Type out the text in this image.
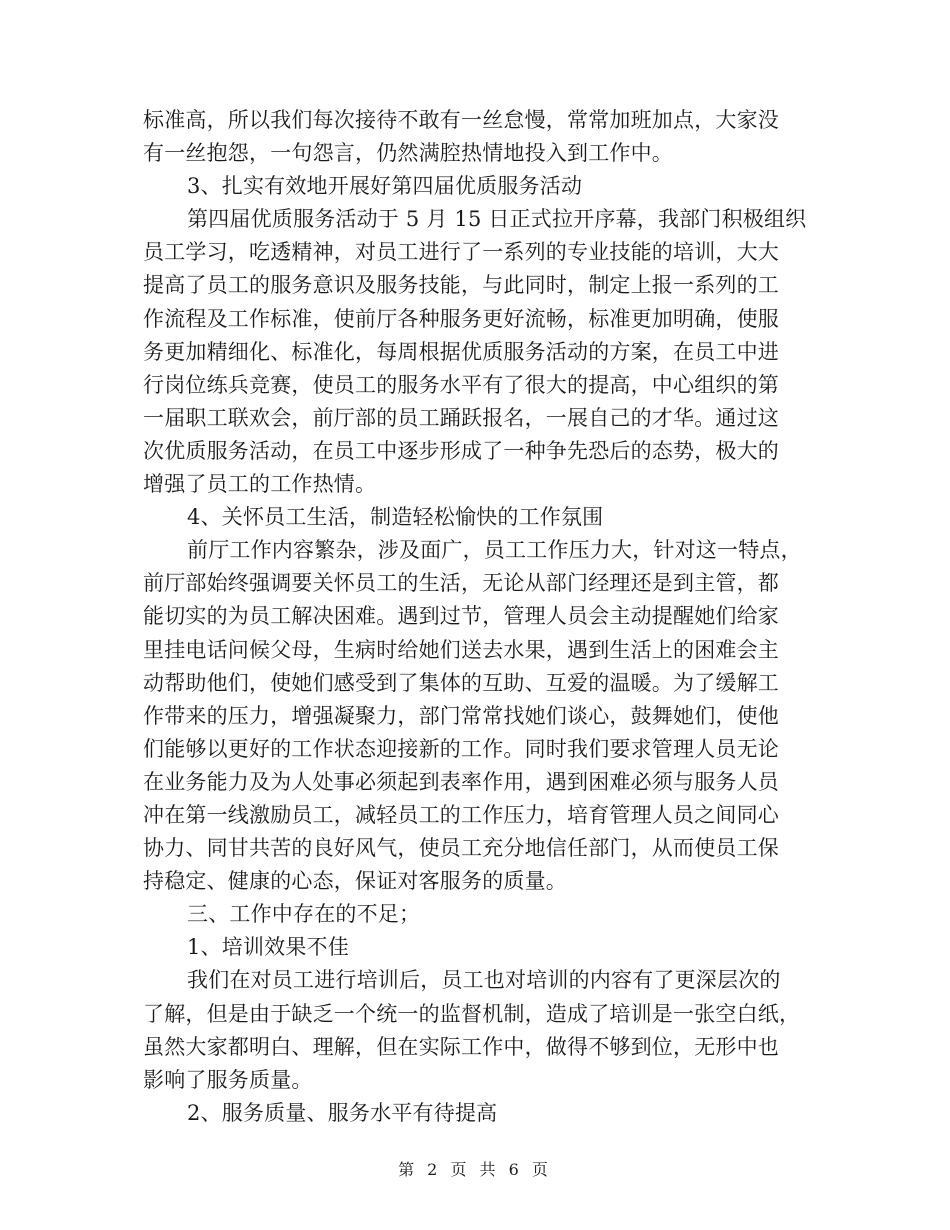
标准高，所以我们每次接待不敢有一丝怠慢，常常加班加点，大家没
有一丝抱怨，一句怨言，仍然满腔热情地投入到工作中。
3、扎实有效地开展好第四届优质服务活动
第四届优质服务活动于 5 月 15 日正式拉开序幕，我部门积极组织
员工学习，吃透精神，对员工进行了一系列的专业技能的培训，大大
提高了员工的服务意识及服务技能，与此同时，制定上报一系列的工
作流程及工作标准，使前厅各种服务更好流畅，标准更加明确，使服
务更加精细化、标准化，每周根据优质服务活动的方案，在员工中进
行岗位练兵竞赛，使员工的服务水平有了很大的提高，中心组织的第
一届职工联欢会，前厅部的员工踊跃报名，一展自己的才华。通过这
次优质服务活动，在员工中逐步形成了一种争先恐后的态势，极大的
增强了员工的工作热情。
4、关怀员工生活，制造轻松愉快的工作氛围
前厅工作内容繁杂，涉及面广，员工工作压力大，针对这一特点，
前厅部始终强调要关怀员工的生活，无论从部门经理还是到主管，都
能切实的为员工解决困难。遇到过节，管理人员会主动提醒她们给家
里挂电话问候父母，生病时给她们送去水果，遇到生活上的困难会主
动帮助他们，使她们感受到了集体的互助、互爱的温暖。为了缓解工
作带来的压力，增强凝聚力，部门常常找她们谈心，鼓舞她们，使他
们能够以更好的工作状态迎接新的工作。同时我们要求管理人员无论
在业务能力及为人处事必须起到表率作用，遇到困难必须与服务人员
冲在第一线激励员工，减轻员工的工作压力，培育管理人员之间同心
协力、同甘共苦的良好风气，使员工充分地信任部门，从而使员工保
持稳定、健康的心态，保证对客服务的质量。
三、工作中存在的不足；
1、培训效果不佳
我们在对员工进行培训后，员工也对培训的内容有了更深层次的
了解，但是由于缺乏一个统一的监督机制，造成了培训是一张空白纸，
虽然大家都明白、理解，但在实际工作中，做得不够到位，无形中也
影响了服务质量。
2、服务质量、服务水平有待提高
第 2 页 共 6 页
